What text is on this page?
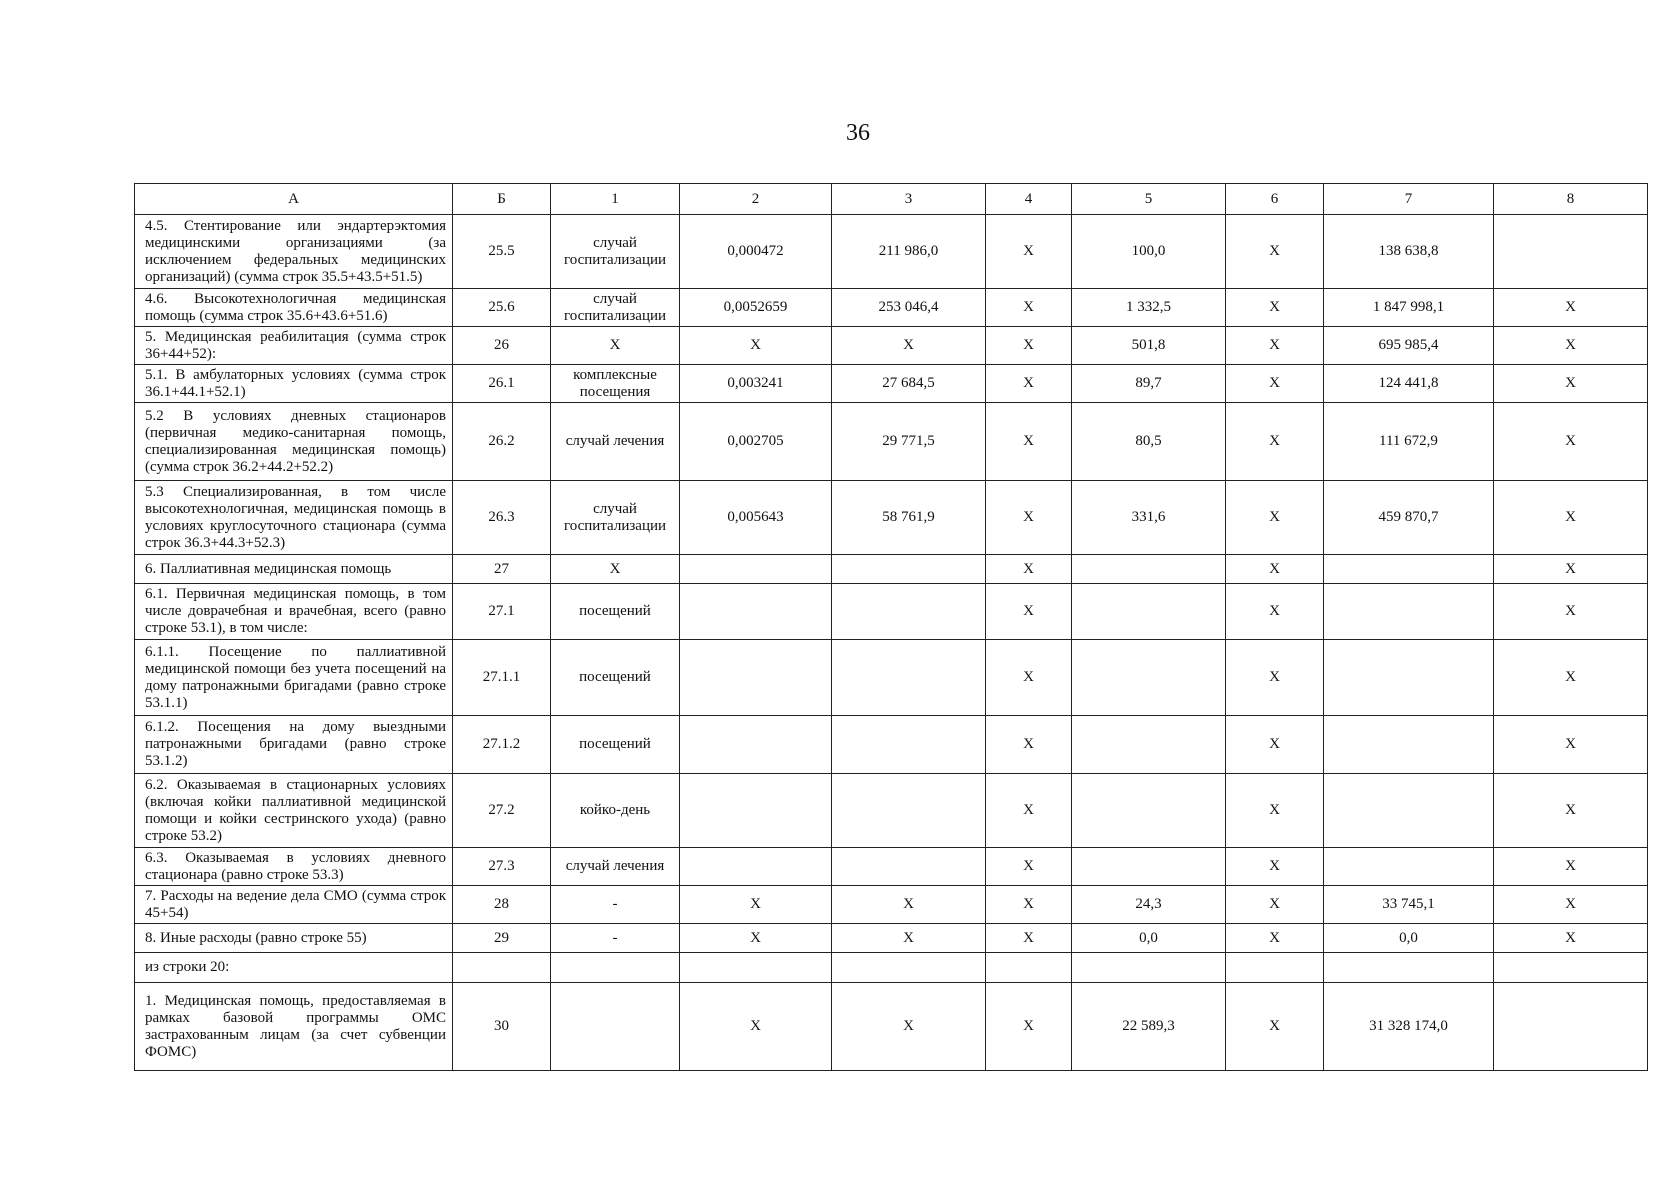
36
А	Б	1	2	3	4	5	6	7	8
4.5. Стентирование или эндартерэктомия медицинскими организациями (за исключением федеральных медицинских организаций) (сумма строк 35.5+43.5+51.5)	25.5	случай госпитализации	0,000472	211 986,0	X	100,0	X	138 638,8	
4.6. Высокотехнологичная медицинская помощь (сумма строк 35.6+43.6+51.6)	25.6	случай госпитализации	0,0052659	253 046,4	X	1 332,5	X	1 847 998,1	X
5. Медицинская реабилитация (сумма строк 36+44+52):	26	X	X	X	X	501,8	X	695 985,4	X
5.1. В амбулаторных условиях (сумма строк 36.1+44.1+52.1)	26.1	комплексные посещения	0,003241	27 684,5	X	89,7	X	124 441,8	X
5.2 В условиях дневных стационаров (первичная медико-санитарная помощь, специализированная медицинская помощь) (сумма строк 36.2+44.2+52.2)	26.2	случай лечения	0,002705	29 771,5	X	80,5	X	111 672,9	X
5.3 Специализированная, в том числе высокотехнологичная, медицинская помощь в условиях круглосуточного стационара (сумма строк 36.3+44.3+52.3)	26.3	случай госпитализации	0,005643	58 761,9	X	331,6	X	459 870,7	X
6. Паллиативная медицинская помощь	27	X			X		X		X
6.1. Первичная медицинская помощь, в том числе доврачебная и врачебная, всего (равно строке 53.1), в том числе:	27.1	посещений			X		X		X
6.1.1. Посещение по паллиативной медицинской помощи без учета посещений на дому патронажными бригадами (равно строке 53.1.1)	27.1.1	посещений			X		X		X
6.1.2. Посещения на дому выездными патронажными бригадами (равно строке 53.1.2)	27.1.2	посещений			X		X		X
6.2. Оказываемая в стационарных условиях (включая койки паллиативной медицинской помощи и койки сестринского ухода) (равно строке 53.2)	27.2	койко-день			X		X		X
6.3. Оказываемая в условиях дневного стационара (равно строке 53.3)	27.3	случай лечения			X		X		X
7. Расходы на ведение дела СМО (сумма строк 45+54)	28	-	X	X	X	24,3	X	33 745,1	X
8. Иные расходы (равно строке 55)	29	-	X	X	X	0,0	X	0,0	X
из строки 20:									
1. Медицинская помощь, предоставляемая в рамках базовой программы ОМС застрахованным лицам (за счет субвенции ФОМС)	30		X	X	X	22 589,3	X	31 328 174,0	
